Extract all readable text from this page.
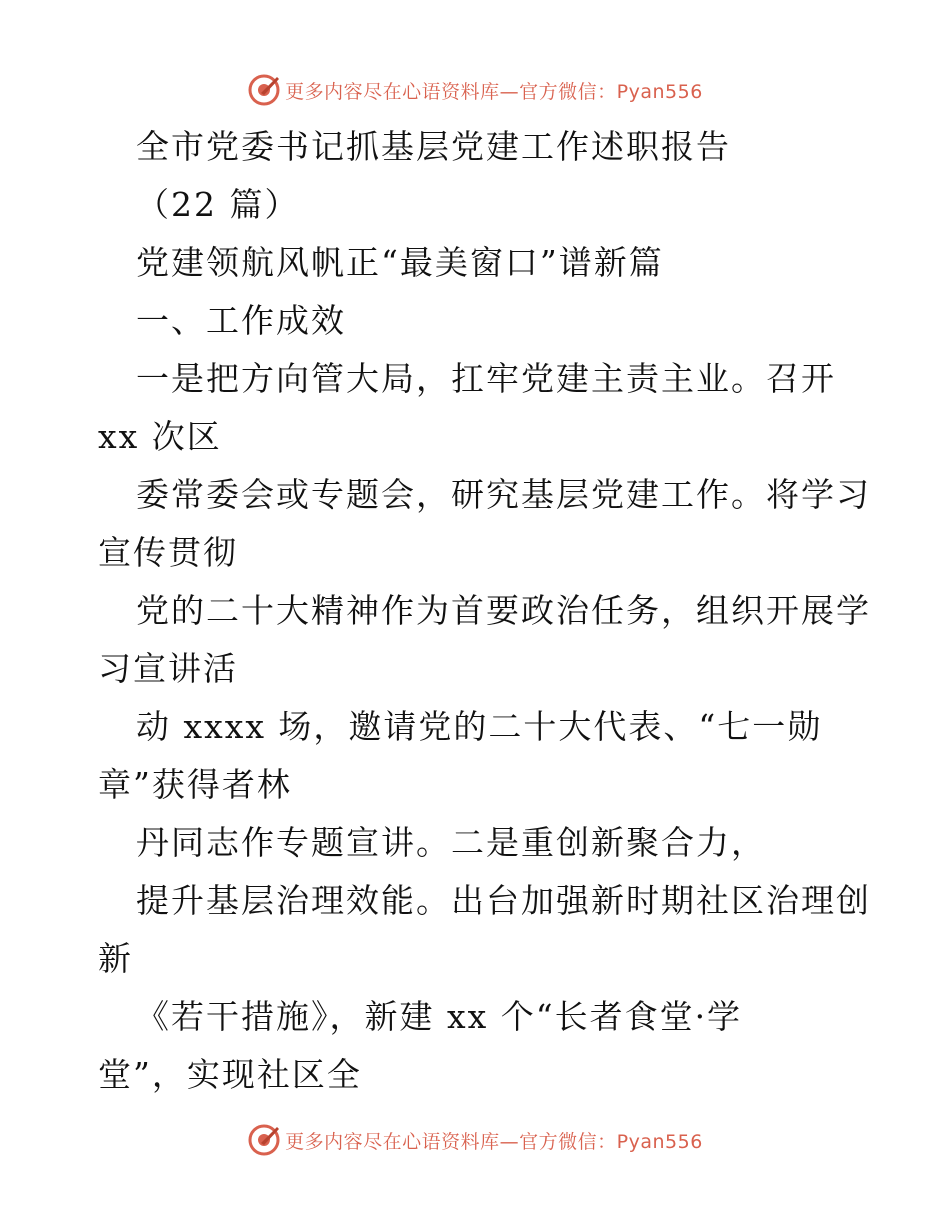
更多内容尽在心语资料库—官方微信：Pyan556
全市党委书记抓基层党建工作述职报告
（22 篇）
党建领航风帆正“最美窗口”谱新篇
一、工作成效
一是把方向管大局，扛牢党建主责主业。召开
xx 次区
委常委会或专题会，研究基层党建工作。将学习
宣传贯彻
党的二十大精神作为首要政治任务，组织开展学
习宣讲活
动 xxxx 场，邀请党的二十大代表、“七一勋
章”获得者林
丹同志作专题宣讲。二是重创新聚合力，
提升基层治理效能。出台加强新时期社区治理创
新
《若干措施》，新建 xx 个“长者食堂·学
堂”，实现社区全
更多内容尽在心语资料库—官方微信：Pyan556
